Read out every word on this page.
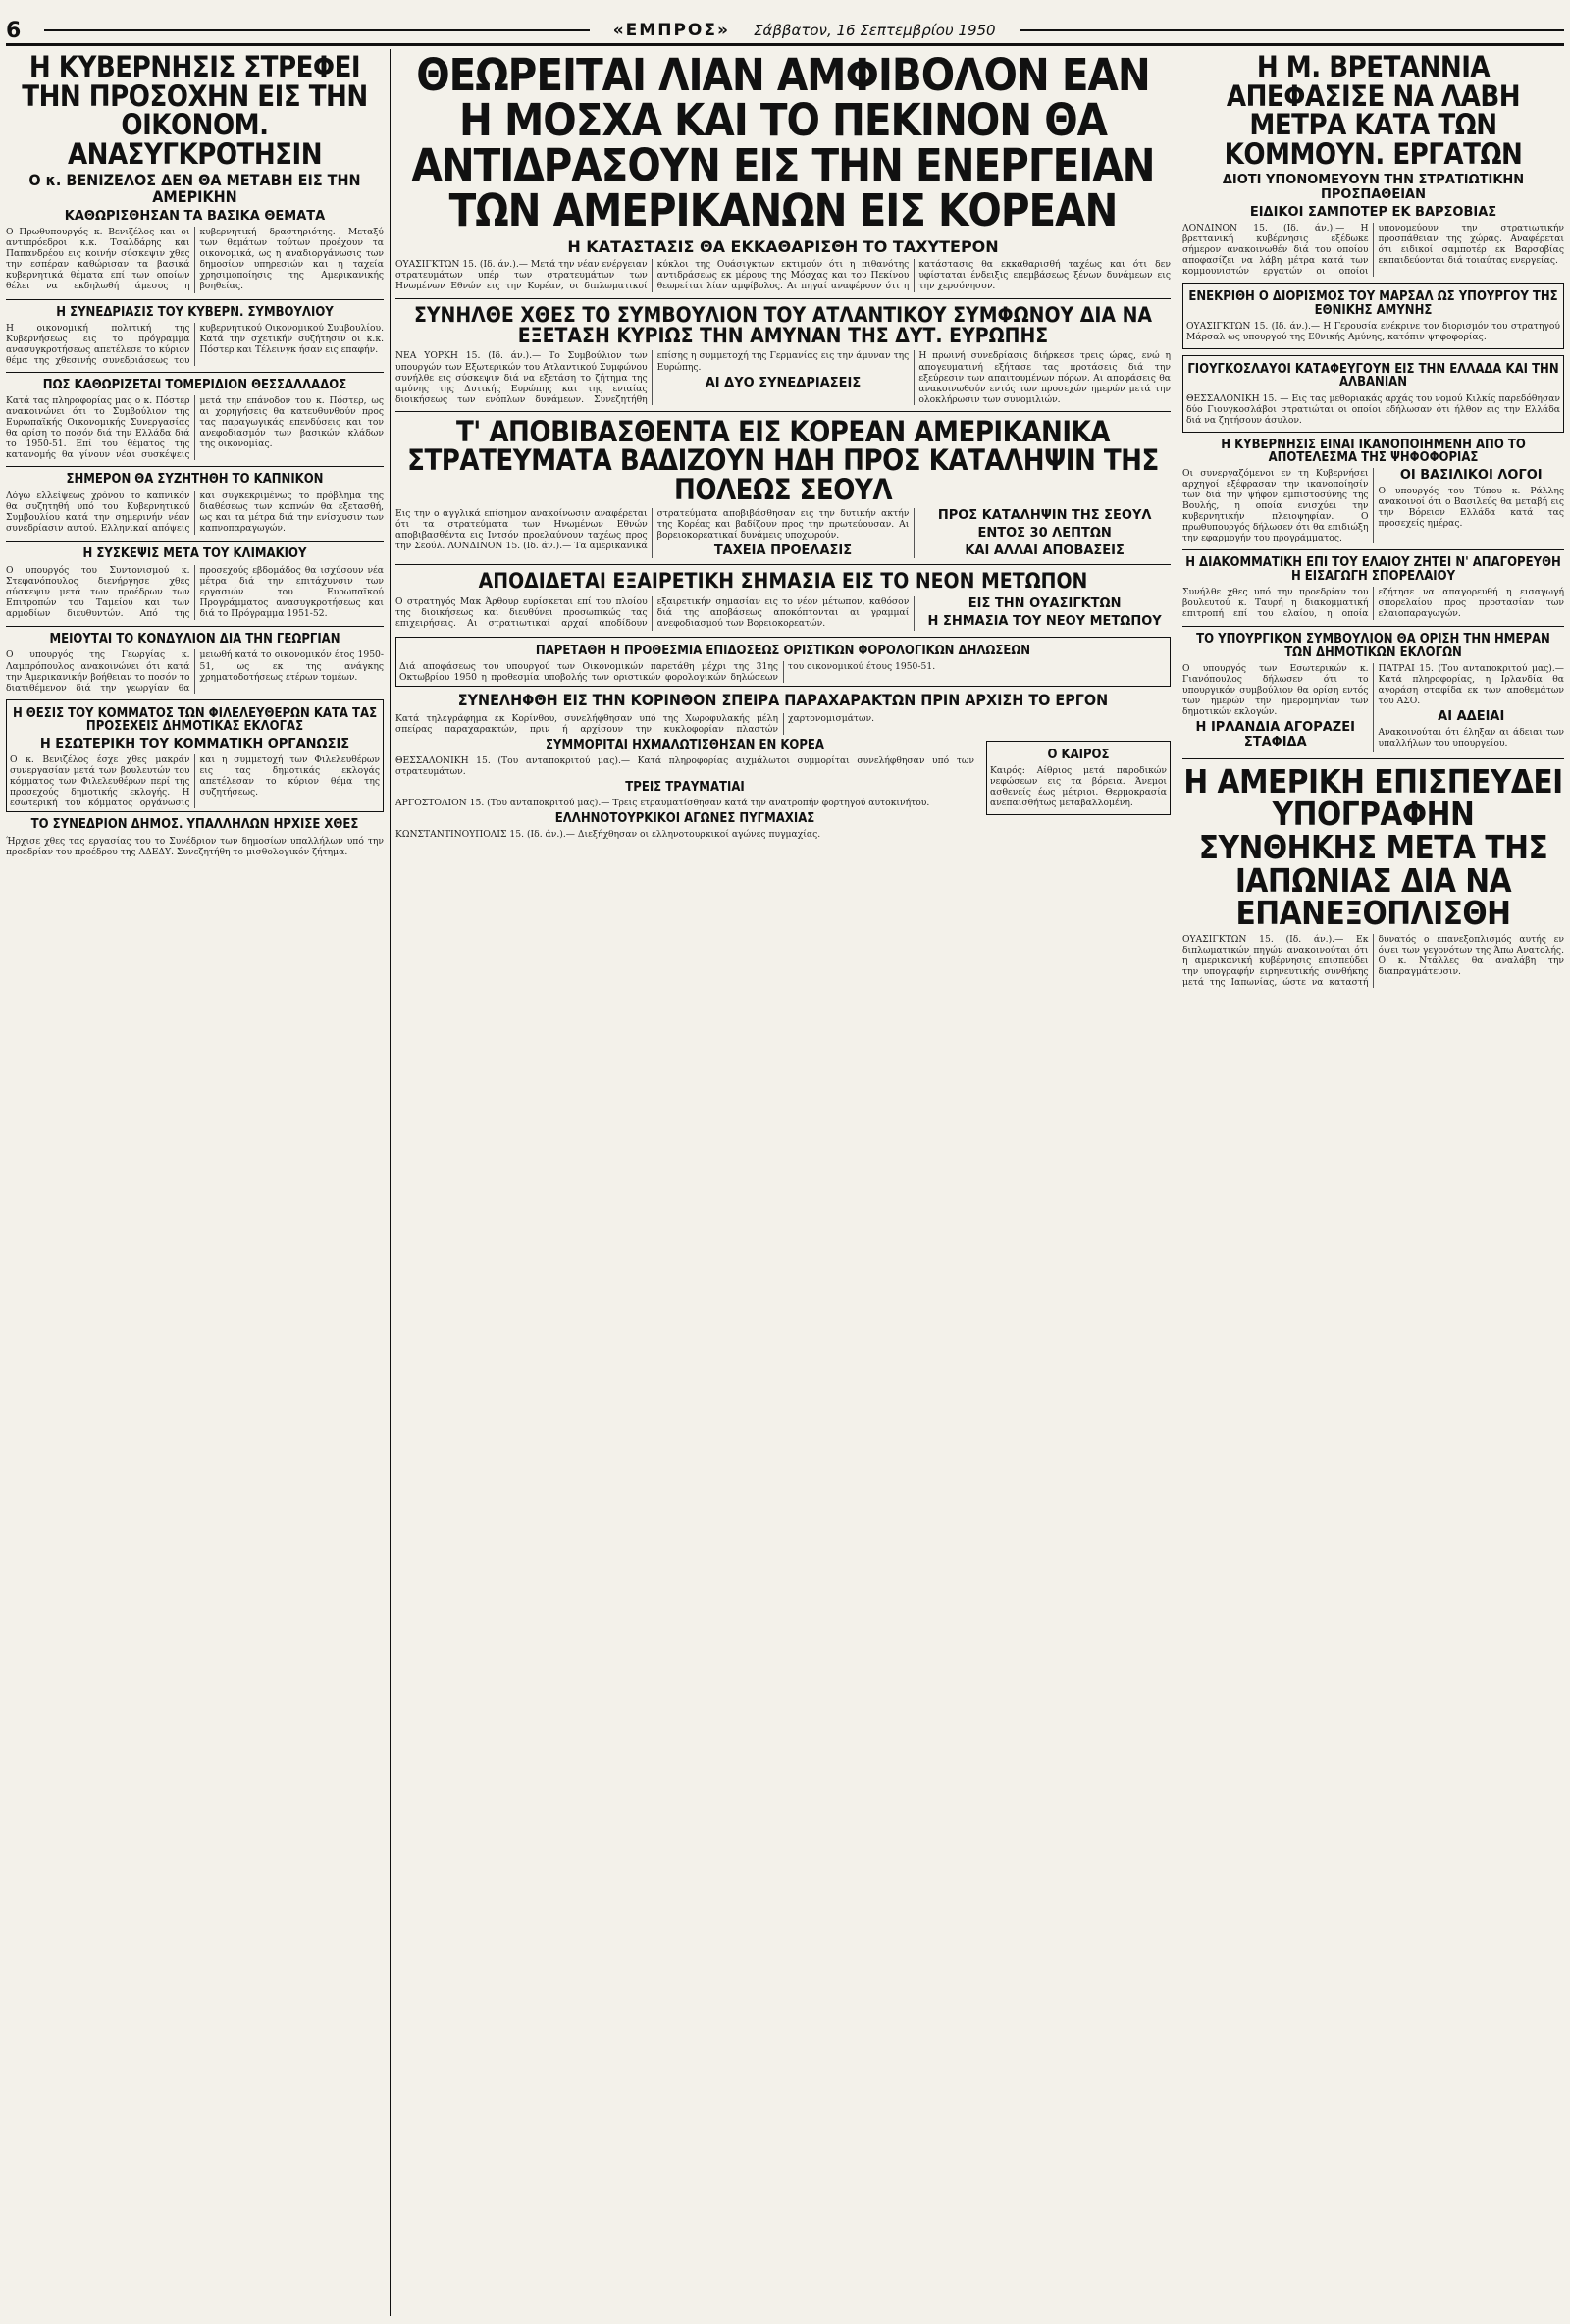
6	«ΕΜΠΡΟΣ» Σάββατον, 16 Σεπτεμβρίου 1950
Η ΚΥΒΕΡΝΗΣΙΣ ΣΤΡΕΦΕΙ ΤΗΝ ΠΡΟΣΟΧΗΝ ΕΙΣ ΤΗΝ ΟΙΚΟΝΟΜ. ΑΝΑΣΥΓΚΡΟΤΗΣΙΝ
Ο κ. ΒΕΝΙΖΕΛΟΣ ΔΕΝ ΘΑ ΜΕΤΑΒΗ ΕΙΣ ΤΗΝ ΑΜΕΡΙΚΗΝ
ΚΑΘΩΡΙΣΘΗΣΑΝ ΤΑ ΒΑΣΙΚΑ ΘΕΜΑΤΑ

Ο Πρωθυπουργός κ. Βενιζέλος και οι αντιπρόεδροι κ.κ. Τσαλδάρης και Παπανδρέου εις κοινήν σύσκεψιν χθες την εσπέραν καθώρισαν τα βασικά κυβερνητικά θέματα επί των οποίων θέλει να εκδηλωθή άμεσος η κυβερνητική δραστηριότης. Μεταξύ των θεμάτων τούτων προέχουν τα οικονομικά, ως η αναδιοργάνωσις των δημοσίων υπηρεσιών και η ταχεία χρησιμοποίησις της Αμερικανικής βοηθείας.

Η ΣΥΝΕΔΡΙΑΣΙΣ ΤΟΥ ΚΥΒΕΡΝ. ΣΥΜΒΟΥΛΙΟΥ

Η οικονομική πολιτική της Κυβερνήσεως εις το πρόγραμμα ανασυγκροτήσεως απετέλεσε το κύριον θέμα της χθεσινής συνεδριάσεως του κυβερνητικού Οικονομικού Συμβουλίου. Κατά την σχετικήν συζήτησιν οι κ.κ. Πόστερ και Τέλεινγκ ήσαν εις επαφήν.

ΠΩΣ ΚΑΘΩΡΙΖΕΤΑΙ ΤΟΜΕΡΙΔΙΟΝ ΘΕΣΣΑΛΛΑΔΟΣ

Κατά τας πληροφορίας μας ο κ. Πόστερ ανακοινώνει ότι το Συμβούλιον της Ευρωπαϊκής Οικονομικής Συνεργασίας θα ορίση το ποσόν διά την Ελλάδα διά το 1950-51. Επί του θέματος της κατανομής θα γίνουν νέαι συσκέψεις μετά την επάνοδον του κ. Πόστερ, ως αι χορηγήσεις θα κατευθυνθούν προς τας παραγωγικάς επενδύσεις και τον ανεφοδιασμόν των βασικών κλάδων της οικονομίας.

ΣΗΜΕΡΟΝ ΘΑ ΣΥΖΗΤΗΘΗ ΤΟ ΚΑΠΝΙΚΟΝ

Λόγω ελλείψεως χρόνου το καπνικόν θα συζητηθή υπό του Κυβερνητικού Συμβουλίου κατά την σημερινήν νέαν συνεδρίασιν αυτού. Ελληνικαί απόψεις και συγκεκριμένως το πρόβλημα της διαθέσεως των καπνών θα εξετασθή, ως και τα μέτρα διά την ενίσχυσιν των καπνοπαραγωγών.

Η ΣΥΣΚΕΨΙΣ ΜΕΤΑ ΤΟΥ ΚΛΙΜΑΚΙΟΥ

Ο υπουργός του Συντονισμού κ. Στεφανόπουλος διενήργησε χθες σύσκεψιν μετά των προέδρων των Επιτροπών του Ταμείου και των αρμοδίων διευθυντών. Από της προσεχούς εβδομάδος θα ισχύσουν νέα μέτρα διά την επιτάχυνσιν των εργασιών του Ευρωπαϊκού Προγράμματος ανασυγκροτήσεως και διά το Πρόγραμμα 1951-52.

ΜΕΙΟΥΤΑΙ ΤΟ ΚΟΝΔΥΛΙΟΝ ΔΙΑ ΤΗΝ ΓΕΩΡΓΙΑΝ

Ο υπουργός της Γεωργίας κ. Λαμπρόπουλος ανακοινώνει ότι κατά την Αμερικανικήν βοήθειαν το ποσόν το διατιθέμενον διά την γεωργίαν θα μειωθή κατά το οικονομικόν έτος 1950-51, ως εκ της ανάγκης χρηματοδοτήσεως ετέρων τομέων.

Η ΘΕΣΙΣ ΤΟΥ ΚΟΜΜΑΤΟΣ ΤΩΝ ΦΙΛΕΛΕΥΘΕΡΩΝ ΚΑΤΑ ΤΑΣ ΠΡΟΣΕΧΕΙΣ ΔΗΜΟΤΙΚΑΣ ΕΚΛΟΓΑΣ
Η ΕΣΩΤΕΡΙΚΗ ΤΟΥ ΚΟΜΜΑΤΙΚΗ ΟΡΓΑΝΩΣΙΣ

Ο κ. Βενιζέλος έσχε χθες μακράν συνεργασίαν μετά των βουλευτών του κόμματος των Φιλελευθέρων περί της προσεχούς δημοτικής εκλογής. Η εσωτερική του κόμματος οργάνωσις και η συμμετοχή των Φιλελευθέρων εις τας δημοτικάς εκλογάς απετέλεσαν το κύριον θέμα της συζητήσεως.

ΤΟ ΣΥΝΕΔΡΙΟΝ ΔΗΜΟΣ. ΥΠΑΛΛΗΛΩΝ ΗΡΧΙΣΕ ΧΘΕΣ

Ήρχισε χθες τας εργασίας του το Συνέδριον των δημοσίων υπαλλήλων υπό την προεδρίαν του προέδρου της ΑΔΕΔΥ. Συνεζητήθη το μισθολογικόν ζήτημα.

ΘΕΩΡΕΙΤΑΙ ΛΙΑΝ ΑΜΦΙΒΟΛΟΝ ΕΑΝ Η ΜΟΣΧΑ ΚΑΙ ΤΟ ΠΕΚΙΝΟΝ ΘΑ ΑΝΤΙΔΡΑΣΟΥΝ ΕΙΣ ΤΗΝ ΕΝΕΡΓΕΙΑΝ ΤΩΝ ΑΜΕΡΙΚΑΝΩΝ ΕΙΣ ΚΟΡΕΑΝ
Η ΚΑΤΑΣΤΑΣΙΣ ΘΑ ΕΚΚΑΘΑΡΙΣΘΗ ΤΟ ΤΑΧΥΤΕΡΟΝ

ΟΥΑΣΙΓΚΤΩΝ 15. (Ιδ. άν.).— Μετά την νέαν ενέργειαν στρατευμάτων υπέρ των στρατευμάτων των Ηνωμένων Εθνών εις την Κορέαν, οι διπλωματικοί κύκλοι της Ουάσιγκτων εκτιμούν ότι η πιθανότης αντιδράσεως εκ μέρους της Μόσχας και του Πεκίνου θεωρείται λίαν αμφίβολος. Αι πηγαί αναφέρουν ότι η κατάστασις θα εκκαθαρισθή ταχέως και ότι δεν υφίσταται ένδειξις επεμβάσεως ξένων δυνάμεων εις την χερσόνησον.

ΣΥΝΗΛΘΕ ΧΘΕΣ ΤΟ ΣΥΜΒΟΥΛΙΟΝ ΤΟΥ ΑΤΛΑΝΤΙΚΟΥ ΣΥΜΦΩΝΟΥ ΔΙΑ ΝΑ ΕΞΕΤΑΣΗ ΚΥΡΙΩΣ ΤΗΝ ΑΜΥΝΑΝ ΤΗΣ ΔΥΤ. ΕΥΡΩΠΗΣ

ΝΕΑ ΥΟΡΚΗ 15. (Ιδ. άν.).— Το Συμβούλιον των υπουργών των Εξωτερικών του Ατλαντικού Συμφώνου συνήλθε εις σύσκεψιν διά να εξετάση το ζήτημα της αμύνης της Δυτικής Ευρώπης και της ενιαίας διοικήσεως των ενόπλων δυνάμεων. Συνεζητήθη επίσης η συμμετοχή της Γερμανίας εις την άμυναν της Ευρώπης.

ΑΙ ΔΥΟ ΣΥΝΕΔΡΙΑΣΕΙΣ

Η πρωινή συνεδρίασις διήρκεσε τρεις ώρας, ενώ η απογευματινή εξήτασε τας προτάσεις διά την εξεύρεσιν των απαιτουμένων πόρων. Αι αποφάσεις θα ανακοινωθούν εντός των προσεχών ημερών μετά την ολοκλήρωσιν των συνομιλιών.

Τ' ΑΠΟΒΙΒΑΣΘΕΝΤΑ ΕΙΣ ΚΟΡΕΑΝ ΑΜΕΡΙΚΑΝΙΚΑ ΣΤΡΑΤΕΥΜΑΤΑ ΒΑΔΙΖΟΥΝ ΗΔΗ ΠΡΟΣ ΚΑΤΑΛΗΨΙΝ ΤΗΣ ΠΟΛΕΩΣ ΣΕΟΥΛ

Εις την ο αγγλικά επίσημον ανακοίνωσιν αναφέρεται ότι τα στρατεύματα των Ηνωμένων Εθνών αποβιβασθέντα εις Ιντσόν προελαύνουν ταχέως προς την Σεούλ. ΛΟΝΔΙΝΟΝ 15. (Ιδ. άν.).— Τα αμερικανικά στρατεύματα αποβιβάσθησαν εις την δυτικήν ακτήν της Κορέας και βαδίζουν προς την πρωτεύουσαν. Αι βορειοκορεατικαί δυνάμεις υποχωρούν.

ΤΑΧΕΙΑ ΠΡΟΕΛΑΣΙΣ
ΠΡΟΣ ΚΑΤΑΛΗΨΙΝ ΤΗΣ ΣΕΟΥΛ
ΕΝΤΟΣ 30 ΛΕΠΤΩΝ
ΚΑΙ ΑΛΛΑΙ ΑΠΟΒΑΣΕΙΣ
ΑΠΟΔΙΔΕΤΑΙ ΕΞΑΙΡΕΤΙΚΗ ΣΗΜΑΣΙΑ ΕΙΣ ΤΟ ΝΕΟΝ ΜΕΤΩΠΟΝ

Ο στρατηγός Μακ Άρθουρ ευρίσκεται επί του πλοίου της διοικήσεως και διευθύνει προσωπικώς τας επιχειρήσεις. Αι στρατιωτικαί αρχαί αποδίδουν εξαιρετικήν σημασίαν εις το νέον μέτωπον, καθόσον διά της αποβάσεως αποκόπτονται αι γραμμαί ανεφοδιασμού των Βορειοκορεατών.

ΕΙΣ ΤΗΝ ΟΥΑΣΙΓΚΤΩΝ
Η ΣΗΜΑΣΙΑ ΤΟΥ ΝΕΟΥ ΜΕΤΩΠΟΥ
ΠΑΡΕΤΑΘΗ Η ΠΡΟΘΕΣΜΙΑ ΕΠΙΔΟΣΕΩΣ ΟΡΙΣΤΙΚΩΝ ΦΟΡΟΛΟΓΙΚΩΝ ΔΗΛΩΣΕΩΝ

Διά αποφάσεως του υπουργού των Οικονομικών παρετάθη μέχρι της 31ης Οκτωβρίου 1950 η προθεσμία υποβολής των οριστικών φορολογικών δηλώσεων του οικονομικού έτους 1950-51.

ΣΥΝΕΛΗΦΘΗ ΕΙΣ ΤΗΝ ΚΟΡΙΝΘΟΝ ΣΠΕΙΡΑ ΠΑΡΑΧΑΡΑΚΤΩΝ ΠΡΙΝ ΑΡΧΙΣΗ ΤΟ ΕΡΓΟΝ

Κατά τηλεγράφημα εκ Κορίνθου, συνελήφθησαν υπό της Χωροφυλακής μέλη σπείρας παραχαρακτών, πριν ή αρχίσουν την κυκλοφορίαν πλαστών χαρτονομισμάτων.

ΣΥΜΜΟΡΙΤΑΙ ΗΧΜΑΛΩΤΙΣΘΗΣΑΝ ΕΝ ΚΟΡΕΑ

ΘΕΣΣΑΛΟΝΙΚΗ 15. (Του ανταποκριτού μας).— Κατά πληροφορίας αιχμάλωτοι συμμορίται συνελήφθησαν υπό των στρατευμάτων.

ΤΡΕΙΣ ΤΡΑΥΜΑΤΙΑΙ

ΑΡΓΟΣΤΟΛΙΟΝ 15. (Του ανταποκριτού μας).— Τρεις ετραυματίσθησαν κατά την ανατροπήν φορτηγού αυτοκινήτου.

ΕΛΛΗΝΟΤΟΥΡΚΙΚΟΙ ΑΓΩΝΕΣ ΠΥΓΜΑΧΙΑΣ

ΚΩΝΣΤΑΝΤΙΝΟΥΠΟΛΙΣ 15. (Ιδ. άν.).— Διεξήχθησαν οι ελληνοτουρκικοί αγώνες πυγμαχίας.

Ο ΚΑΙΡΟΣ

Καιρός: Αίθριος μετά παροδικών νεφώσεων εις τα βόρεια. Άνεμοι ασθενείς έως μέτριοι. Θερμοκρασία ανεπαισθήτως μεταβαλλομένη.

Η Μ. ΒΡΕΤΑΝΝΙΑ ΑΠΕΦΑΣΙΣΕ ΝΑ ΛΑΒΗ ΜΕΤΡΑ ΚΑΤΑ ΤΩΝ ΚΟΜΜΟΥΝ. ΕΡΓΑΤΩΝ
ΔΙΟΤΙ ΥΠΟΝΟΜΕΥΟΥΝ ΤΗΝ ΣΤΡΑΤΙΩΤΙΚΗΝ ΠΡΟΣΠΑΘΕΙΑΝ
ΕΙΔΙΚΟΙ ΣΑΜΠΟΤΕΡ ΕΚ ΒΑΡΣΟΒΙΑΣ

ΛΟΝΔΙΝΟΝ 15. (Ιδ. άν.).— Η βρεττανική κυβέρνησις εξέδωκε σήμερον ανακοινωθέν διά του οποίου αποφασίζει να λάβη μέτρα κατά των κομμουνιστών εργατών οι οποίοι υπονομεύουν την στρατιωτικήν προσπάθειαν της χώρας. Αναφέρεται ότι ειδικοί σαμποτέρ εκ Βαρσοβίας εκπαιδεύονται διά τοιαύτας ενεργείας.

ΕΝΕΚΡΙΘΗ Ο ΔΙΟΡΙΣΜΟΣ ΤΟΥ ΜΑΡΣΑΛ ΩΣ ΥΠΟΥΡΓΟΥ ΤΗΣ ΕΘΝΙΚΗΣ ΑΜΥΝΗΣ

ΟΥΑΣΙΓΚΤΩΝ 15. (Ιδ. άν.).— Η Γερουσία ενέκρινε τον διορισμόν του στρατηγού Μάρσαλ ως υπουργού της Εθνικής Αμύνης, κατόπιν ψηφοφορίας.

ΓΙΟΥΓΚΟΣΛΑΥΟΙ ΚΑΤΑΦΕΥΓΟΥΝ ΕΙΣ ΤΗΝ ΕΛΛΑΔΑ ΚΑΙ ΤΗΝ ΑΛΒΑΝΙΑΝ

ΘΕΣΣΑΛΟΝΙΚΗ 15. — Εις τας μεθοριακάς αρχάς του νομού Κιλκίς παρεδόθησαν δύο Γιουγκοσλάβοι στρατιώται οι οποίοι εδήλωσαν ότι ήλθον εις την Ελλάδα διά να ζητήσουν άσυλον.

Η ΚΥΒΕΡΝΗΣΙΣ ΕΙΝΑΙ ΙΚΑΝΟΠΟΙΗΜΕΝΗ ΑΠΟ ΤΟ ΑΠΟΤΕΛΕΣΜΑ ΤΗΣ ΨΗΦΟΦΟΡΙΑΣ

Οι συνεργαζόμενοι εν τη Κυβερνήσει αρχηγοί εξέφρασαν την ικανοποίησίν των διά την ψήφον εμπιστοσύνης της Βουλής, η οποία ενισχύει την κυβερνητικήν πλειοψηφίαν. Ο πρωθυπουργός δήλωσεν ότι θα επιδιώξη την εφαρμογήν του προγράμματος.

ΟΙ ΒΑΣΙΛΙΚΟΙ ΛΟΓΟΙ

Ο υπουργός του Τύπου κ. Ράλλης ανακοινοί ότι ο Βασιλεύς θα μεταβή εις την Βόρειον Ελλάδα κατά τας προσεχείς ημέρας.

Η ΔΙΑΚΟΜΜΑΤΙΚΗ ΕΠΙ ΤΟΥ ΕΛΑΙΟΥ ΖΗΤΕΙ Ν' ΑΠΑΓΟΡΕΥΘΗ Η ΕΙΣΑΓΩΓΗ ΣΠΟΡΕΛΑΙΟΥ

Συνήλθε χθες υπό την προεδρίαν του βουλευτού κ. Ταυρή η διακομματική επιτροπή επί του ελαίου, η οποία εζήτησε να απαγορευθή η εισαγωγή σπορελαίου προς προστασίαν των ελαιοπαραγωγών.

ΤΟ ΥΠΟΥΡΓΙΚΟΝ ΣΥΜΒΟΥΛΙΟΝ ΘΑ ΟΡΙΣΗ ΤΗΝ ΗΜΕΡΑΝ ΤΩΝ ΔΗΜΟΤΙΚΩΝ ΕΚΛΟΓΩΝ

Ο υπουργός των Εσωτερικών κ. Γιανόπουλος δήλωσεν ότι το υπουργικόν συμβούλιον θα ορίση εντός των ημερών την ημερομηνίαν των δημοτικών εκλογών.

Η ΙΡΛΑΝΔΙΑ ΑΓΟΡΑΖΕΙ ΣΤΑΦΙΔΑ

ΠΑΤΡΑΙ 15. (Του ανταποκριτού μας).— Κατά πληροφορίας, η Ιρλανδία θα αγοράση σταφίδα εκ των αποθεμάτων του ΑΣΟ.

ΑΙ ΑΔΕΙΑΙ

Ανακοινούται ότι έληξαν αι άδειαι των υπαλλήλων του υπουργείου.

Η ΑΜΕΡΙΚΗ ΕΠΙΣΠΕΥΔΕΙ ΥΠΟΓΡΑΦΗΝ ΣΥΝΘΗΚΗΣ ΜΕΤΑ ΤΗΣ ΙΑΠΩΝΙΑΣ ΔΙΑ ΝΑ ΕΠΑΝΕΞΟΠΛΙΣΘΗ

ΟΥΑΣΙΓΚΤΩΝ 15. (Ιδ. άν.).— Εκ διπλωματικών πηγών ανακοινούται ότι η αμερικανική κυβέρνησις επισπεύδει την υπογραφήν ειρηνευτικής συνθήκης μετά της Ιαπωνίας, ώστε να καταστή δυνατός ο επανεξοπλισμός αυτής εν όψει των γεγονότων της Άπω Ανατολής. Ο κ. Ντάλλες θα αναλάβη την διαπραγμάτευσιν.
